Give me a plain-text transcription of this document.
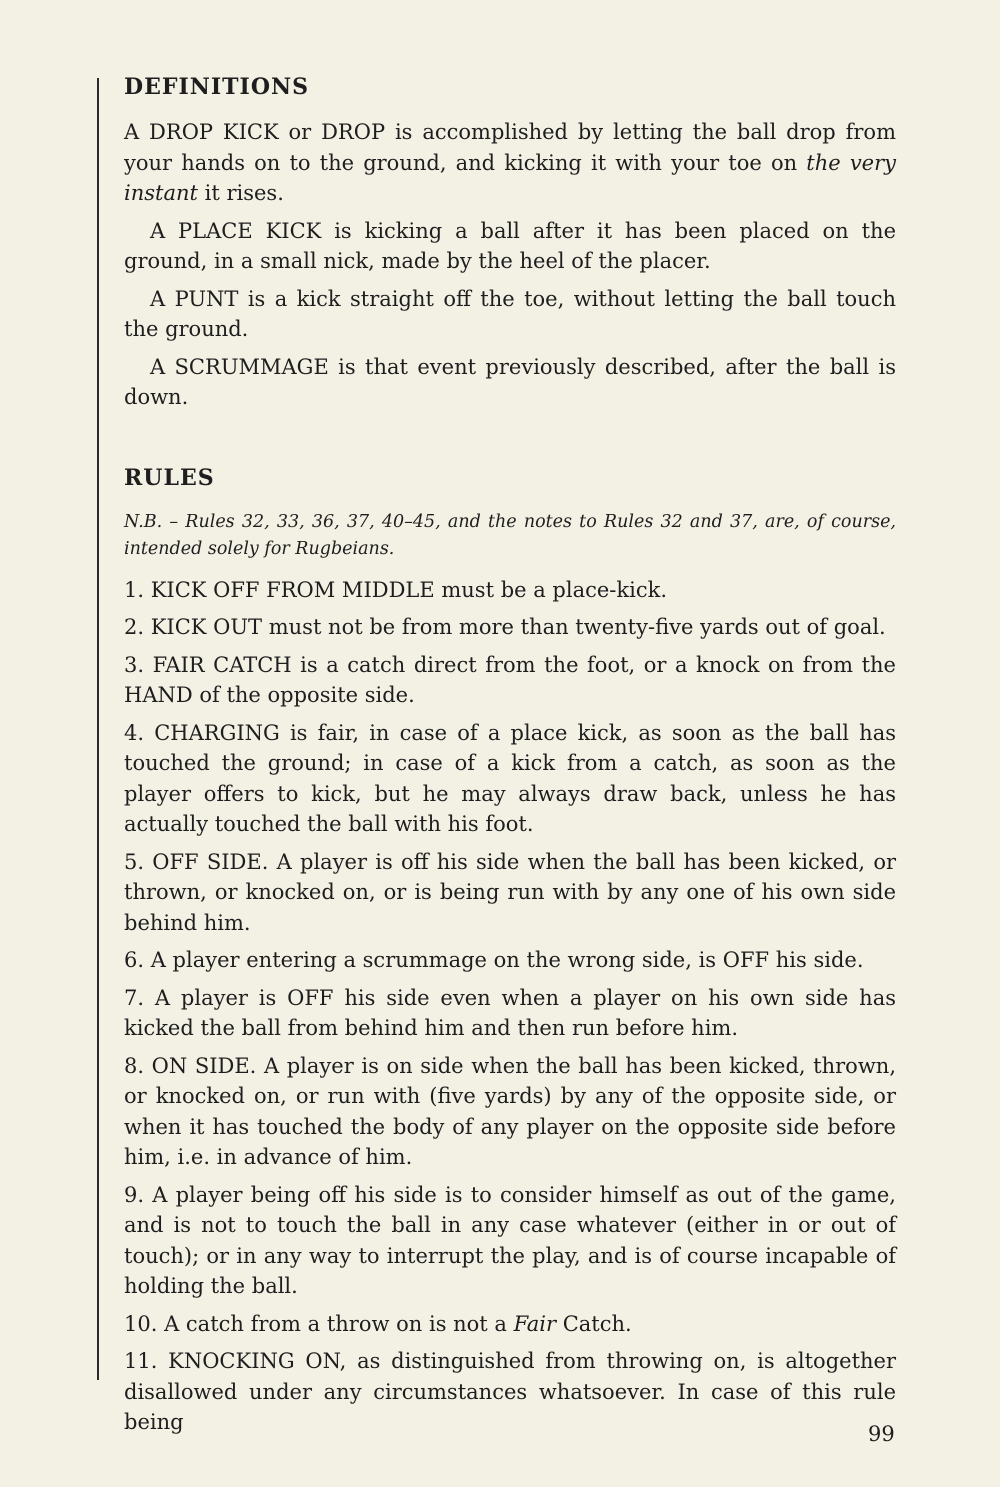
DEFINITIONS

A DROP KICK or DROP is accomplished by letting the ball drop from your hands on to the ground, and kicking it with your toe on the very instant it rises.

A PLACE KICK is kicking a ball after it has been placed on the ground, in a small nick, made by the heel of the placer.

A PUNT is a kick straight off the toe, without letting the ball touch the ground.

A SCRUMMAGE is that event previously described, after the ball is down.

RULES

N.B. – Rules 32, 33, 36, 37, 40–45, and the notes to Rules 32 and 37, are, of course, intended solely for Rugbeians.

1. KICK OFF FROM MIDDLE must be a place-kick.

2. KICK OUT must not be from more than twenty-five yards out of goal.

3. FAIR CATCH is a catch direct from the foot, or a knock on from the HAND of the opposite side.

4. CHARGING is fair, in case of a place kick, as soon as the ball has touched the ground; in case of a kick from a catch, as soon as the player offers to kick, but he may always draw back, unless he has actually touched the ball with his foot.

5. OFF SIDE. A player is off his side when the ball has been kicked, or thrown, or knocked on, or is being run with by any one of his own side behind him.

6. A player entering a scrummage on the wrong side, is OFF his side.

7. A player is OFF his side even when a player on his own side has kicked the ball from behind him and then run before him.

8. ON SIDE. A player is on side when the ball has been kicked, thrown, or knocked on, or run with (five yards) by any of the opposite side, or when it has touched the body of any player on the opposite side before him, i.e. in advance of him.

9. A player being off his side is to consider himself as out of the game, and is not to touch the ball in any case whatever (either in or out of touch); or in any way to interrupt the play, and is of course incapable of holding the ball.

10. A catch from a throw on is not a Fair Catch.

11. KNOCKING ON, as distinguished from throwing on, is altogether disallowed under any circumstances whatsoever. In case of this rule being	99
